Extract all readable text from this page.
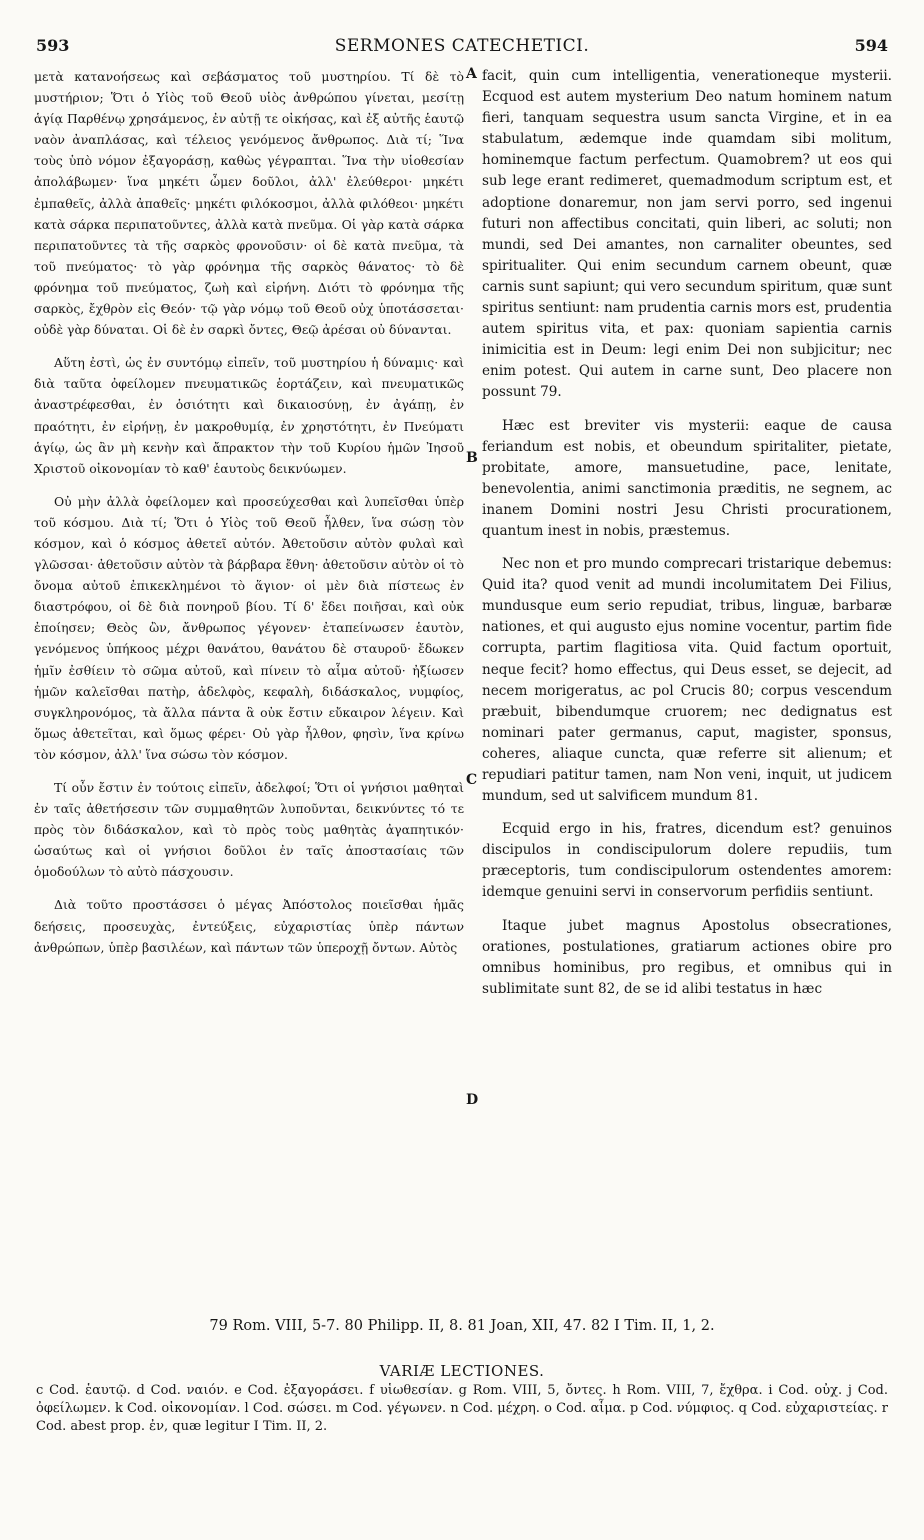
593	SERMONES CATECHETICI.	594

μετὰ κατανοήσεως καὶ σεβάσματος τοῦ μυστηρίου. Τί δὲ τὸ μυστήριον; Ὅτι ὁ Υἱὸς τοῦ Θεοῦ υἱὸς ἀνθρώπου γίνεται, μεσίτῃ ἁγίᾳ Παρθένῳ χρησάμενος, ἐν αὐτῇ τε οἰκήσας, καὶ ἐξ αὐτῆς ἑαυτῷ ναὸν ἀναπλάσας, καὶ τέλειος γενόμενος ἄνθρωπος. Διὰ τί; Ἵνα τοὺς ὑπὸ νόμον ἐξαγοράσῃ, καθὼς γέγραπται. Ἵνα τὴν υἱοθεσίαν ἀπολάβωμεν· ἵνα μηκέτι ὦμεν δοῦλοι, ἀλλ' ἐλεύθεροι· μηκέτι ἐμπαθεῖς, ἀλλὰ ἀπαθεῖς· μηκέτι φιλόκοσμοι, ἀλλὰ φιλόθεοι· μηκέτι κατὰ σάρκα περιπατοῦντες, ἀλλὰ κατὰ πνεῦμα. Οἱ γὰρ κατὰ σάρκα περιπατοῦντες τὰ τῆς σαρκὸς φρονοῦσιν· οἱ δὲ κατὰ πνεῦμα, τὰ τοῦ πνεύματος· τὸ γὰρ φρόνημα τῆς σαρκὸς θάνατος· τὸ δὲ φρόνημα τοῦ πνεύματος, ζωὴ καὶ εἰρήνη. Διότι τὸ φρόνημα τῆς σαρκὸς, ἔχθρὸν εἰς Θεόν· τῷ γὰρ νόμῳ τοῦ Θεοῦ οὐχ ὑποτάσσεται· οὐδὲ γὰρ δύναται. Οἱ δὲ ἐν σαρκὶ ὄντες, Θεῷ ἀρέσαι οὐ δύνανται.

Αὕτη ἐστὶ, ὡς ἐν συντόμῳ εἰπεῖν, τοῦ μυστηρίου ἡ δύναμις· καὶ διὰ ταῦτα ὀφείλομεν πνευματικῶς ἑορτάζειν, καὶ πνευματικῶς ἀναστρέφεσθαι, ἐν ὁσιότητι καὶ δικαιοσύνῃ, ἐν ἀγάπῃ, ἐν πραότητι, ἐν εἰρήνῃ, ἐν μακροθυμίᾳ, ἐν χρηστότητι, ἐν Πνεύματι ἁγίῳ, ὡς ἂν μὴ κενὴν καὶ ἄπρακτον τὴν τοῦ Κυρίου ἡμῶν Ἰησοῦ Χριστοῦ οἰκονομίαν τὸ καθ' ἑαυτοὺς δεικνύωμεν.

Οὐ μὴν ἀλλὰ ὀφείλομεν καὶ προσεύχεσθαι καὶ λυπεῖσθαι ὑπὲρ τοῦ κόσμου. Διὰ τί; Ὅτι ὁ Υἱὸς τοῦ Θεοῦ ἦλθεν, ἵνα σώσῃ τὸν κόσμον, καὶ ὁ κόσμος ἀθετεῖ αὐτόν. Ἀθετοῦσιν αὐτὸν φυλαὶ καὶ γλῶσσαι· ἀθετοῦσιν αὐτὸν τὰ βάρβαρα ἔθνη· ἀθετοῦσιν αὐτὸν οἱ τὸ ὄνομα αὐτοῦ ἐπικεκλημένοι τὸ ἅγιον· οἱ μὲν διὰ πίστεως ἐν διαστρόφου, οἱ δὲ διὰ πονηροῦ βίου. Τί δ' ἔδει ποιῆσαι, καὶ οὐκ ἐποίησεν; Θεὸς ὢν, ἄνθρωπος γέγονεν· ἐταπείνωσεν ἑαυτὸν, γενόμενος ὑπήκοος μέχρι θανάτου, θανάτου δὲ σταυροῦ· ἔδωκεν ἡμῖν ἐσθίειν τὸ σῶμα αὐτοῦ, καὶ πίνειν τὸ αἷμα αὐτοῦ· ἠξίωσεν ἡμῶν καλεῖσθαι πατὴρ, ἀδελφὸς, κεφαλὴ, διδάσκαλος, νυμφίος, συγκληρονόμος, τὰ ἄλλα πάντα ἃ οὐκ ἔστιν εὔκαιρον λέγειν. Καὶ ὅμως ἀθετεῖται, καὶ ὅμως φέρει· Οὐ γὰρ ἦλθον, φησὶν, ἵνα κρίνω τὸν κόσμον, ἀλλ' ἵνα σώσω τὸν κόσμον.

Τί οὖν ἔστιν ἐν τούτοις εἰπεῖν, ἀδελφοί; Ὅτι οἱ γνήσιοι μαθηταὶ ἐν ταῖς ἀθετήσεσιν τῶν συμμαθητῶν λυποῦνται, δεικνύντες τό τε πρὸς τὸν διδάσκαλον, καὶ τὸ πρὸς τοὺς μαθητὰς ἀγαπητικόν· ὡσαύτως καὶ οἱ γνήσιοι δοῦλοι ἐν ταῖς ἀποστασίαις τῶν ὁμοδούλων τὸ αὐτὸ πάσχουσιν.

Διὰ τοῦτο προστάσσει ὁ μέγας Ἀπόστολος ποιεῖσθαι ἡμᾶς δεήσεις, προσευχὰς, ἐντεύξεις, εὐχαριστίας ὑπὲρ πάντων ἀνθρώπων, ὑπὲρ βασιλέων, καὶ πάντων τῶν ὑπεροχῇ ὄντων. Αὐτὸς

A
B
C
D

facit, quin cum intelligentia, venerationeque mysterii. Ecquod est autem mysterium Deo natum hominem natum fieri, tanquam sequestra usum sancta Virgine, et in ea stabulatum, ædemque inde quamdam sibi molitum, hominemque factum perfectum. Quamobrem? ut eos qui sub lege erant redimeret, quemadmodum scriptum est, et adoptione donaremur, non jam servi porro, sed ingenui futuri non affectibus concitati, quin liberi, ac soluti; non mundi, sed Dei amantes, non carnaliter obeuntes, sed spiritualiter. Qui enim secundum carnem obeunt, quæ carnis sunt sapiunt; qui vero secundum spiritum, quæ sunt spiritus sentiunt: nam prudentia carnis mors est, prudentia autem spiritus vita, et pax: quoniam sapientia carnis inimicitia est in Deum: legi enim Dei non subjicitur; nec enim potest. Qui autem in carne sunt, Deo placere non possunt 79.

Hæc est breviter vis mysterii: eaque de causa feriandum est nobis, et obeundum spiritaliter, pietate, probitate, amore, mansuetudine, pace, lenitate, benevolentia, animi sanctimonia præditis, ne segnem, ac inanem Domini nostri Jesu Christi procurationem, quantum inest in nobis, præstemus.

Nec non et pro mundo comprecari tristarique debemus: Quid ita? quod venit ad mundi incolumitatem Dei Filius, mundusque eum serio repudiat, tribus, linguæ, barbaræ nationes, et qui augusto ejus nomine vocentur, partim fide corrupta, partim flagitiosa vita. Quid factum oportuit, neque fecit? homo effectus, qui Deus esset, se dejecit, ad necem morigeratus, ac pol Crucis 80; corpus vescendum præbuit, bibendumque cruorem; nec dedignatus est nominari pater germanus, caput, magister, sponsus, coheres, aliaque cuncta, quæ referre sit alienum; et repudiari patitur tamen, nam Non veni, inquit, ut judicem mundum, sed ut salvificem mundum 81.

Ecquid ergo in his, fratres, dicendum est? genuinos discipulos in condiscipulorum dolere repudiis, tum præceptoris, tum condiscipulorum ostendentes amorem: idemque genuini servi in conservorum perfidiis sentiunt.

Itaque jubet magnus Apostolus obsecrationes, orationes, postulationes, gratiarum actiones obire pro omnibus hominibus, pro regibus, et omnibus qui in sublimitate sunt 82, de se id alibi testatus in hæc

79 Rom. VIII, 5-7. 80 Philipp. II, 8. 81 Joan, XII, 47. 82 I Tim. II, 1, 2.
VARIÆ LECTIONES.
c Cod. ἑαυτῷ. d Cod. ναιόν. e Cod. ἐξαγοράσει. f υἱωθεσίαν. g Rom. VIII, 5, ὄντες. h Rom. VIII, 7, ἔχθρα. i Cod. οὐχ. j Cod. ὀφείλωμεν. k Cod. οἰκονομίαν. l Cod. σώσει. m Cod. γέγωνεν. n Cod. μέχρη. o Cod. αἷμα. p Cod. νύμφιος. q Cod. εὐχαριστείας. r Cod. abest prop. ἐν, quæ legitur I Tim. II, 2.
